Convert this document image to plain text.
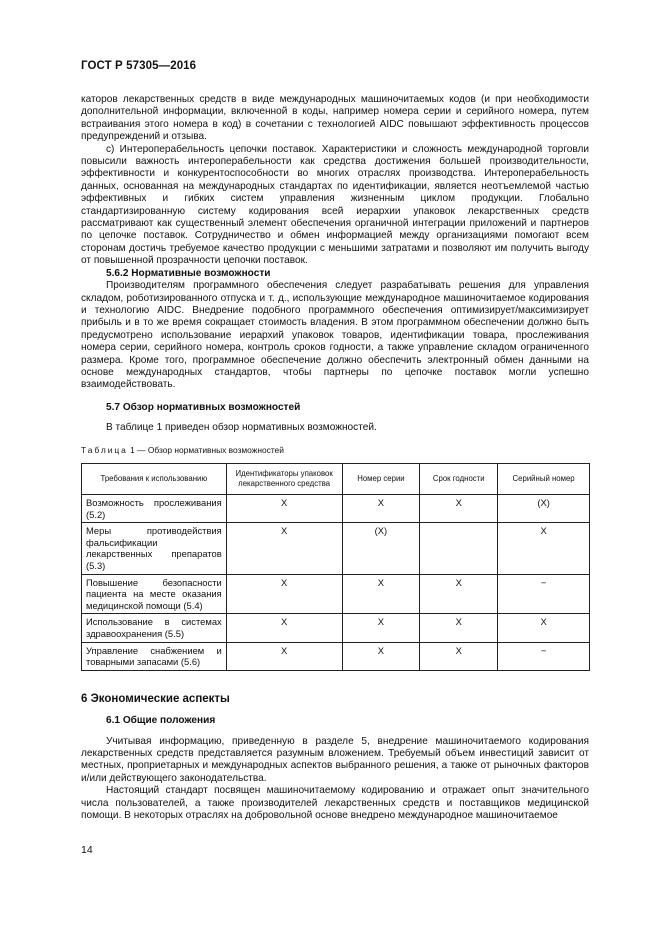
ГОСТ Р 57305—2016

каторов лекарственных средств в виде международных машиночитаемых кодов (и при необходимости дополнительной информации, включенной в коды, например номера серии и серийного номера, путем встраивания этого номера в код) в сочетании с технологией AIDC повышают эффективность процессов предупреждений и отзыва.

c) Интероперабельность цепочки поставок. Характеристики и сложность международной торговли повысили важность интероперабельности как средства достижения большей производительности, эффективности и конкурентоспособности во многих отраслях производства. Интероперабельность данных, основанная на международных стандартах по идентификации, является неотъемлемой частью эффективных и гибких систем управления жизненным циклом продукции. Глобально стандартизированную систему кодирования всей иерархии упаковок лекарственных средств рассматривают как существенный элемент обеспечения органичной интеграции приложений и партнеров по цепочке поставок. Сотрудничество и обмен информацией между организациями помогают всем сторонам достичь требуемое качество продукции с меньшими затратами и позволяют им получить выгоду от повышенной прозрачности цепочки поставок.

5.6.2 Нормативные возможности

Производителям программного обеспечения следует разрабатывать решения для управления складом, роботизированного отпуска и т. д., использующие международное машиночитаемое кодирования и технологию AIDC. Внедрение подобного программного обеспечения оптимизирует/максимизирует прибыль и в то же время сокращает стоимость владения. В этом программном обеспечении должно быть предусмотрено использование иерархий упаковок товаров, идентификации товара, прослеживания номера серии, серийного номера, контроль сроков годности, а также управление складом ограниченного размера. Кроме того, программное обеспечение должно обеспечить электронный обмен данными на основе международных стандартов, чтобы партнеры по цепочке поставок могли успешно взаимодействовать.

5.7 Обзор нормативных возможностей

В таблице 1 приведен обзор нормативных возможностей.

Таблица 1 — Обзор нормативных возможностей

Требования к использованию	Идентификаторы упаковок лекарственного средства	Номер серии	Срок годности	Серийный номер
Возможность прослеживания (5.2)	X	X	X	(X)
Меры противодействия фальсификации лекарственных препаратов (5.3)	X	(X)		X
Повышение безопасности пациента на месте оказания медицинской помощи (5.4)	X	X	X	−
Использование в системах здравоохранения (5.5)	X	X	X	X
Управление снабжением и товарными запасами (5.6)	X	X	X	−

6 Экономические аспекты

6.1 Общие положения

Учитывая информацию, приведенную в разделе 5, внедрение машиночитаемого кодирования лекарственных средств представляется разумным вложением. Требуемый объем инвестиций зависит от местных, проприетарных и международных аспектов выбранного решения, а также от рыночных факторов и/или действующего законодательства.

Настоящий стандарт посвящен машиночитаемому кодированию и отражает опыт значительного числа пользователей, а также производителей лекарственных средств и поставщиков медицинской помощи. В некоторых отраслях на добровольной основе внедрено международное машиночитаемое

14
